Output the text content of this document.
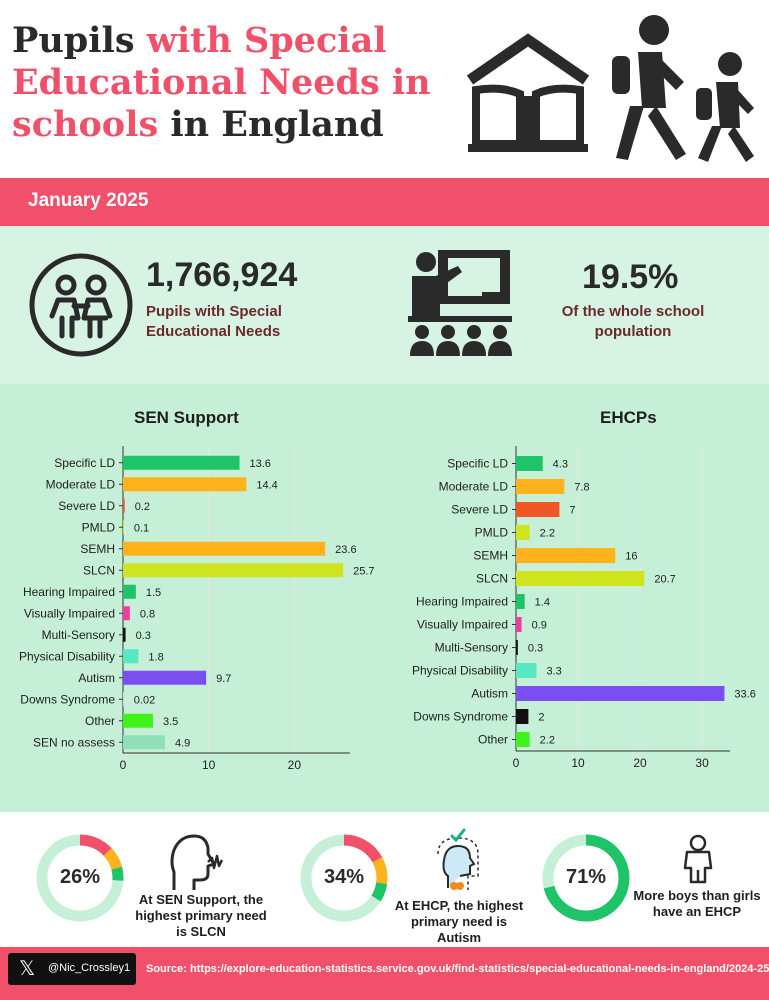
Pupils with Special Educational Needs in schools in England
January 2025
1,766,924
Pupils with Special Educational Needs
19.5%
Of the whole school population
SEN Support	EHCPs
0	10	20
Specific LD	13.6
Moderate LD	14.4
Severe LD 0.2
PMLD 0.1
SEMH	23.6
SLCN	25.7
Hearing Impaired	1.5
Visually Impaired 0.8
Multi-Sensory 0.3
Physical Disability	1.8
Autism	9.7
Downs Syndrome 0.02
Other	3.5
SEN no assess	4.9
0	10	20	30
Specific LD	4.3
Moderate LD	7.8
Severe LD	7
PMLD	2.2
SEMH	16
SLCN	20.7
Hearing Impaired 1.4
Visually Impaired 0.9
Multi-Sensory 0.3
Physical Disability	3.3
Autism	33.6
Downs Syndrome	2
Other	2.2
26%
At SEN Support, the highest primary need is SLCN
34%
At EHCP, the highest primary need is Autism
71%
More boys than girls have an EHCP
𝕏	@Nic_Crossley1 Source: https://explore-education-statistics.service.gov.uk/find-statistics/special-educational-needs-in-england/2024-25
